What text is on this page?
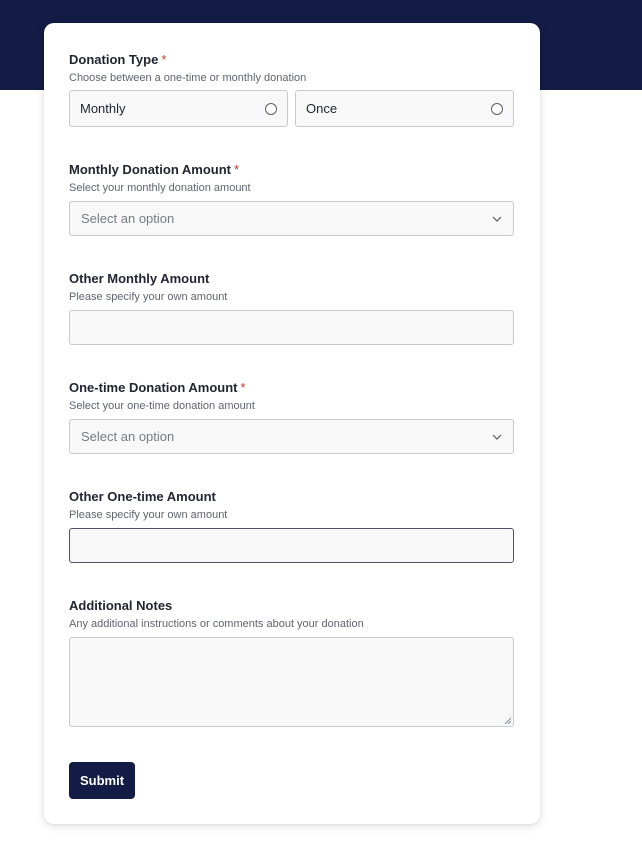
Donation Type *
Choose between a one-time or monthly donation
Monthly	Once
Monthly Donation Amount *
Select your monthly donation amount
Select an option
Other Monthly Amount
Please specify your own amount
One-time Donation Amount *
Select your one-time donation amount
Select an option
Other One-time Amount
Please specify your own amount
Additional Notes
Any additional instructions or comments about your donation
Submit
